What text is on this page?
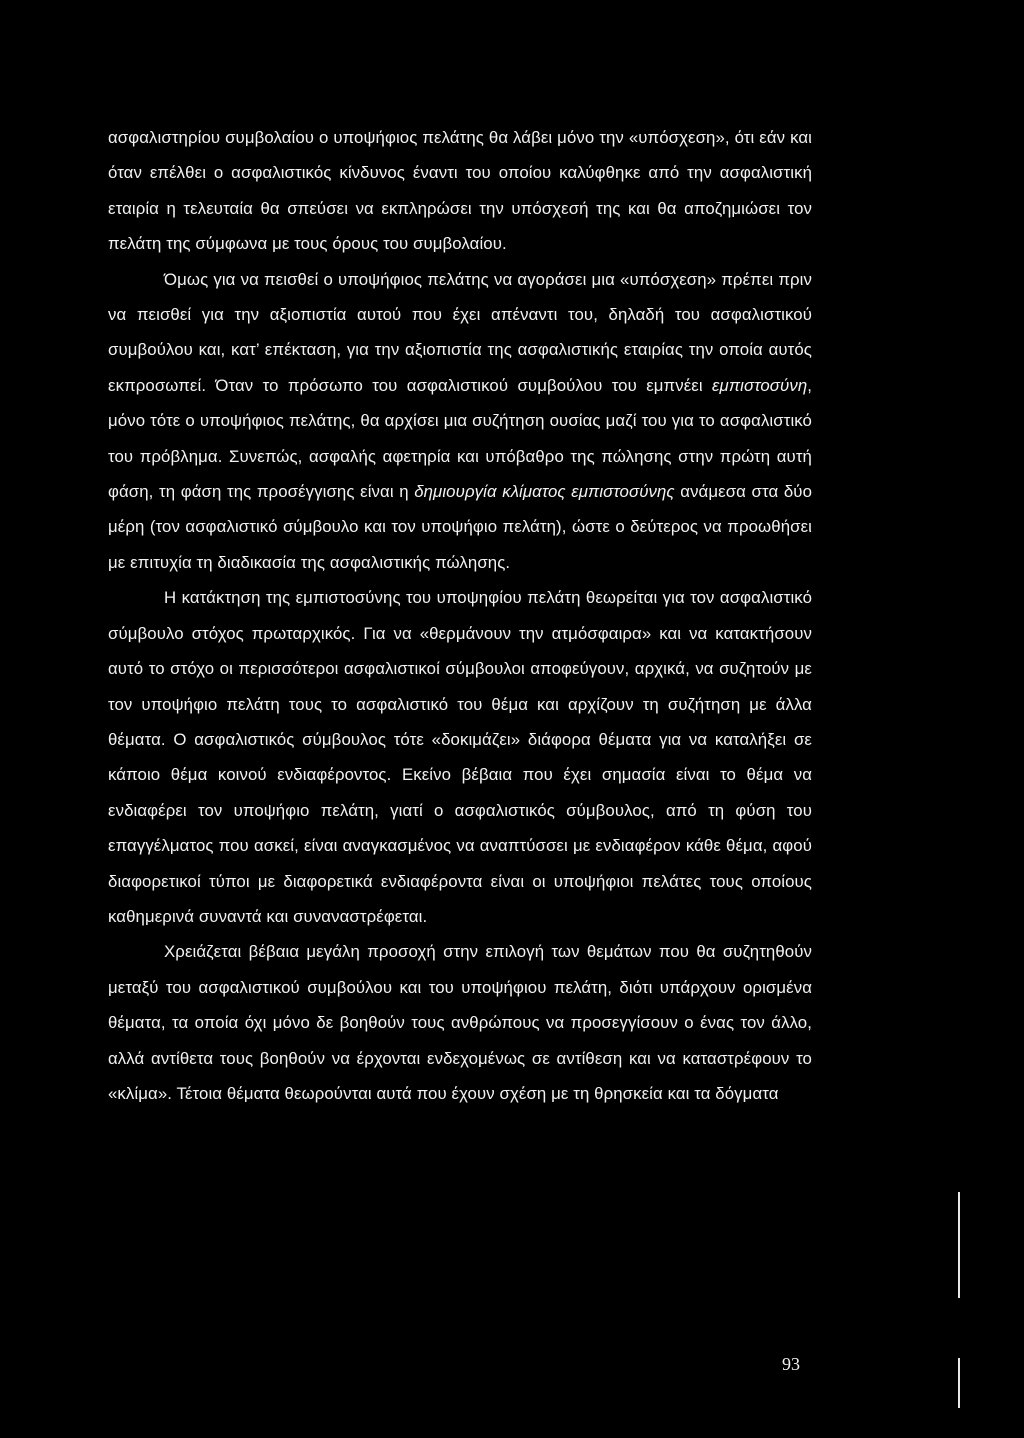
ασφαλιστηρίου συμβολαίου ο υποψήφιος πελάτης θα λάβει μόνο την «υπόσχεση», ότι εάν και όταν επέλθει ο ασφαλιστικός κίνδυνος έναντι του οποίου καλύφθηκε από την ασφαλιστική εταιρία η τελευταία θα σπεύσει να εκπληρώσει την υπόσχεσή της και θα αποζημιώσει τον πελάτη της σύμφωνα με τους όρους του συμβολαίου.

Όμως για να πεισθεί ο υποψήφιος πελάτης να αγοράσει μια «υπόσχεση» πρέπει πριν να πεισθεί για την αξιοπιστία αυτού που έχει απέναντι του, δηλαδή του ασφαλιστικού συμβούλου και, κατ’ επέκταση, για την αξιοπιστία της ασφαλιστικής εταιρίας την οποία αυτός εκπροσωπεί. Όταν το πρόσωπο του ασφαλιστικού συμβούλου του εμπνέει εμπιστοσύνη, μόνο τότε ο υποψήφιος πελάτης, θα αρχίσει μια συζήτηση ουσίας μαζί του για το ασφαλιστικό του πρόβλημα. Συνεπώς, ασφαλής αφετηρία και υπόβαθρο της πώλησης στην πρώτη αυτή φάση, τη φάση της προσέγγισης είναι η δημιουργία κλίματος εμπιστοσύνης ανάμεσα στα δύο μέρη (τον ασφαλιστικό σύμβουλο και τον υποψήφιο πελάτη), ώστε ο δεύτερος να προωθήσει με επιτυχία τη διαδικασία της ασφαλιστικής πώλησης.

Η κατάκτηση της εμπιστοσύνης του υποψηφίου πελάτη θεωρείται για τον ασφαλιστικό σύμβουλο στόχος πρωταρχικός. Για να «θερμάνουν την ατμόσφαιρα» και να κατακτήσουν αυτό το στόχο οι περισσότεροι ασφαλιστικοί σύμβουλοι αποφεύγουν, αρχικά, να συζητούν με τον υποψήφιο πελάτη τους το ασφαλιστικό του θέμα και αρχίζουν τη συζήτηση με άλλα θέματα. Ο ασφαλιστικός σύμβουλος τότε «δοκιμάζει» διάφορα θέματα για να καταλήξει σε κάποιο θέμα κοινού ενδιαφέροντος. Εκείνο βέβαια που έχει σημασία είναι το θέμα να ενδιαφέρει τον υποψήφιο πελάτη, γιατί ο ασφαλιστικός σύμβουλος, από τη φύση του επαγγέλματος που ασκεί, είναι αναγκασμένος να αναπτύσσει με ενδιαφέρον κάθε θέμα, αφού διαφορετικοί τύποι με διαφορετικά ενδιαφέροντα είναι οι υποψήφιοι πελάτες τους οποίους καθημερινά συναντά και συναναστρέφεται.

Χρειάζεται βέβαια μεγάλη προσοχή στην επιλογή των θεμάτων που θα συζητηθούν μεταξύ του ασφαλιστικού συμβούλου και του υποψήφιου πελάτη, διότι υπάρχουν ορισμένα θέματα, τα οποία όχι μόνο δε βοηθούν τους ανθρώπους να προσεγγίσουν ο ένας τον άλλο, αλλά αντίθετα τους βοηθούν να έρχονται ενδεχομένως σε αντίθεση και να καταστρέφουν το «κλίμα». Τέτοια θέματα θεωρούνται αυτά που έχουν σχέση με τη θρησκεία και τα δόγματα

93
